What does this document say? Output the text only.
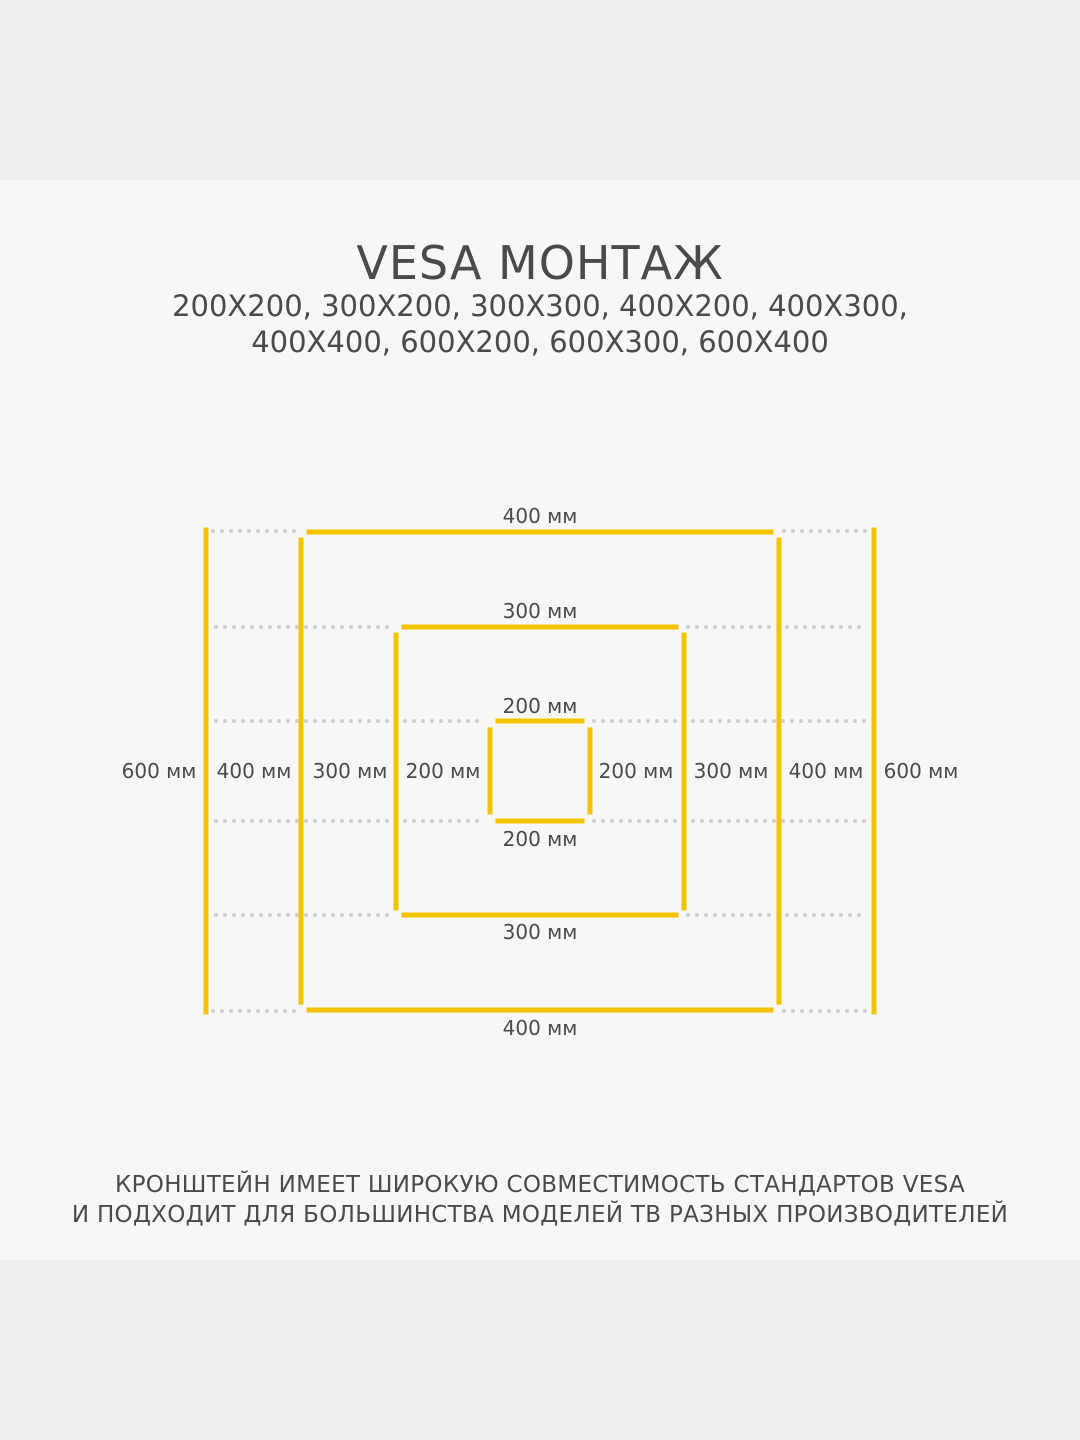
VESA МОНТАЖ
200X200, 300X200, 300X300, 400X200, 400X300,
400X400, 600X200, 600X300, 600X400
400 мм
300 мм
200 мм
200 мм
300 мм
400 мм
600 мм 400 мм 300 мм 200 мм	200 мм 300 мм 400 мм 600 мм
КРОНШТЕЙН ИМЕЕТ ШИРОКУЮ СОВМЕСТИМОСТЬ СТАНДАРТОВ VESA
И ПОДХОДИТ ДЛЯ БОЛЬШИНСТВА МОДЕЛЕЙ ТВ РАЗНЫХ ПРОИЗВОДИТЕЛЕЙ
